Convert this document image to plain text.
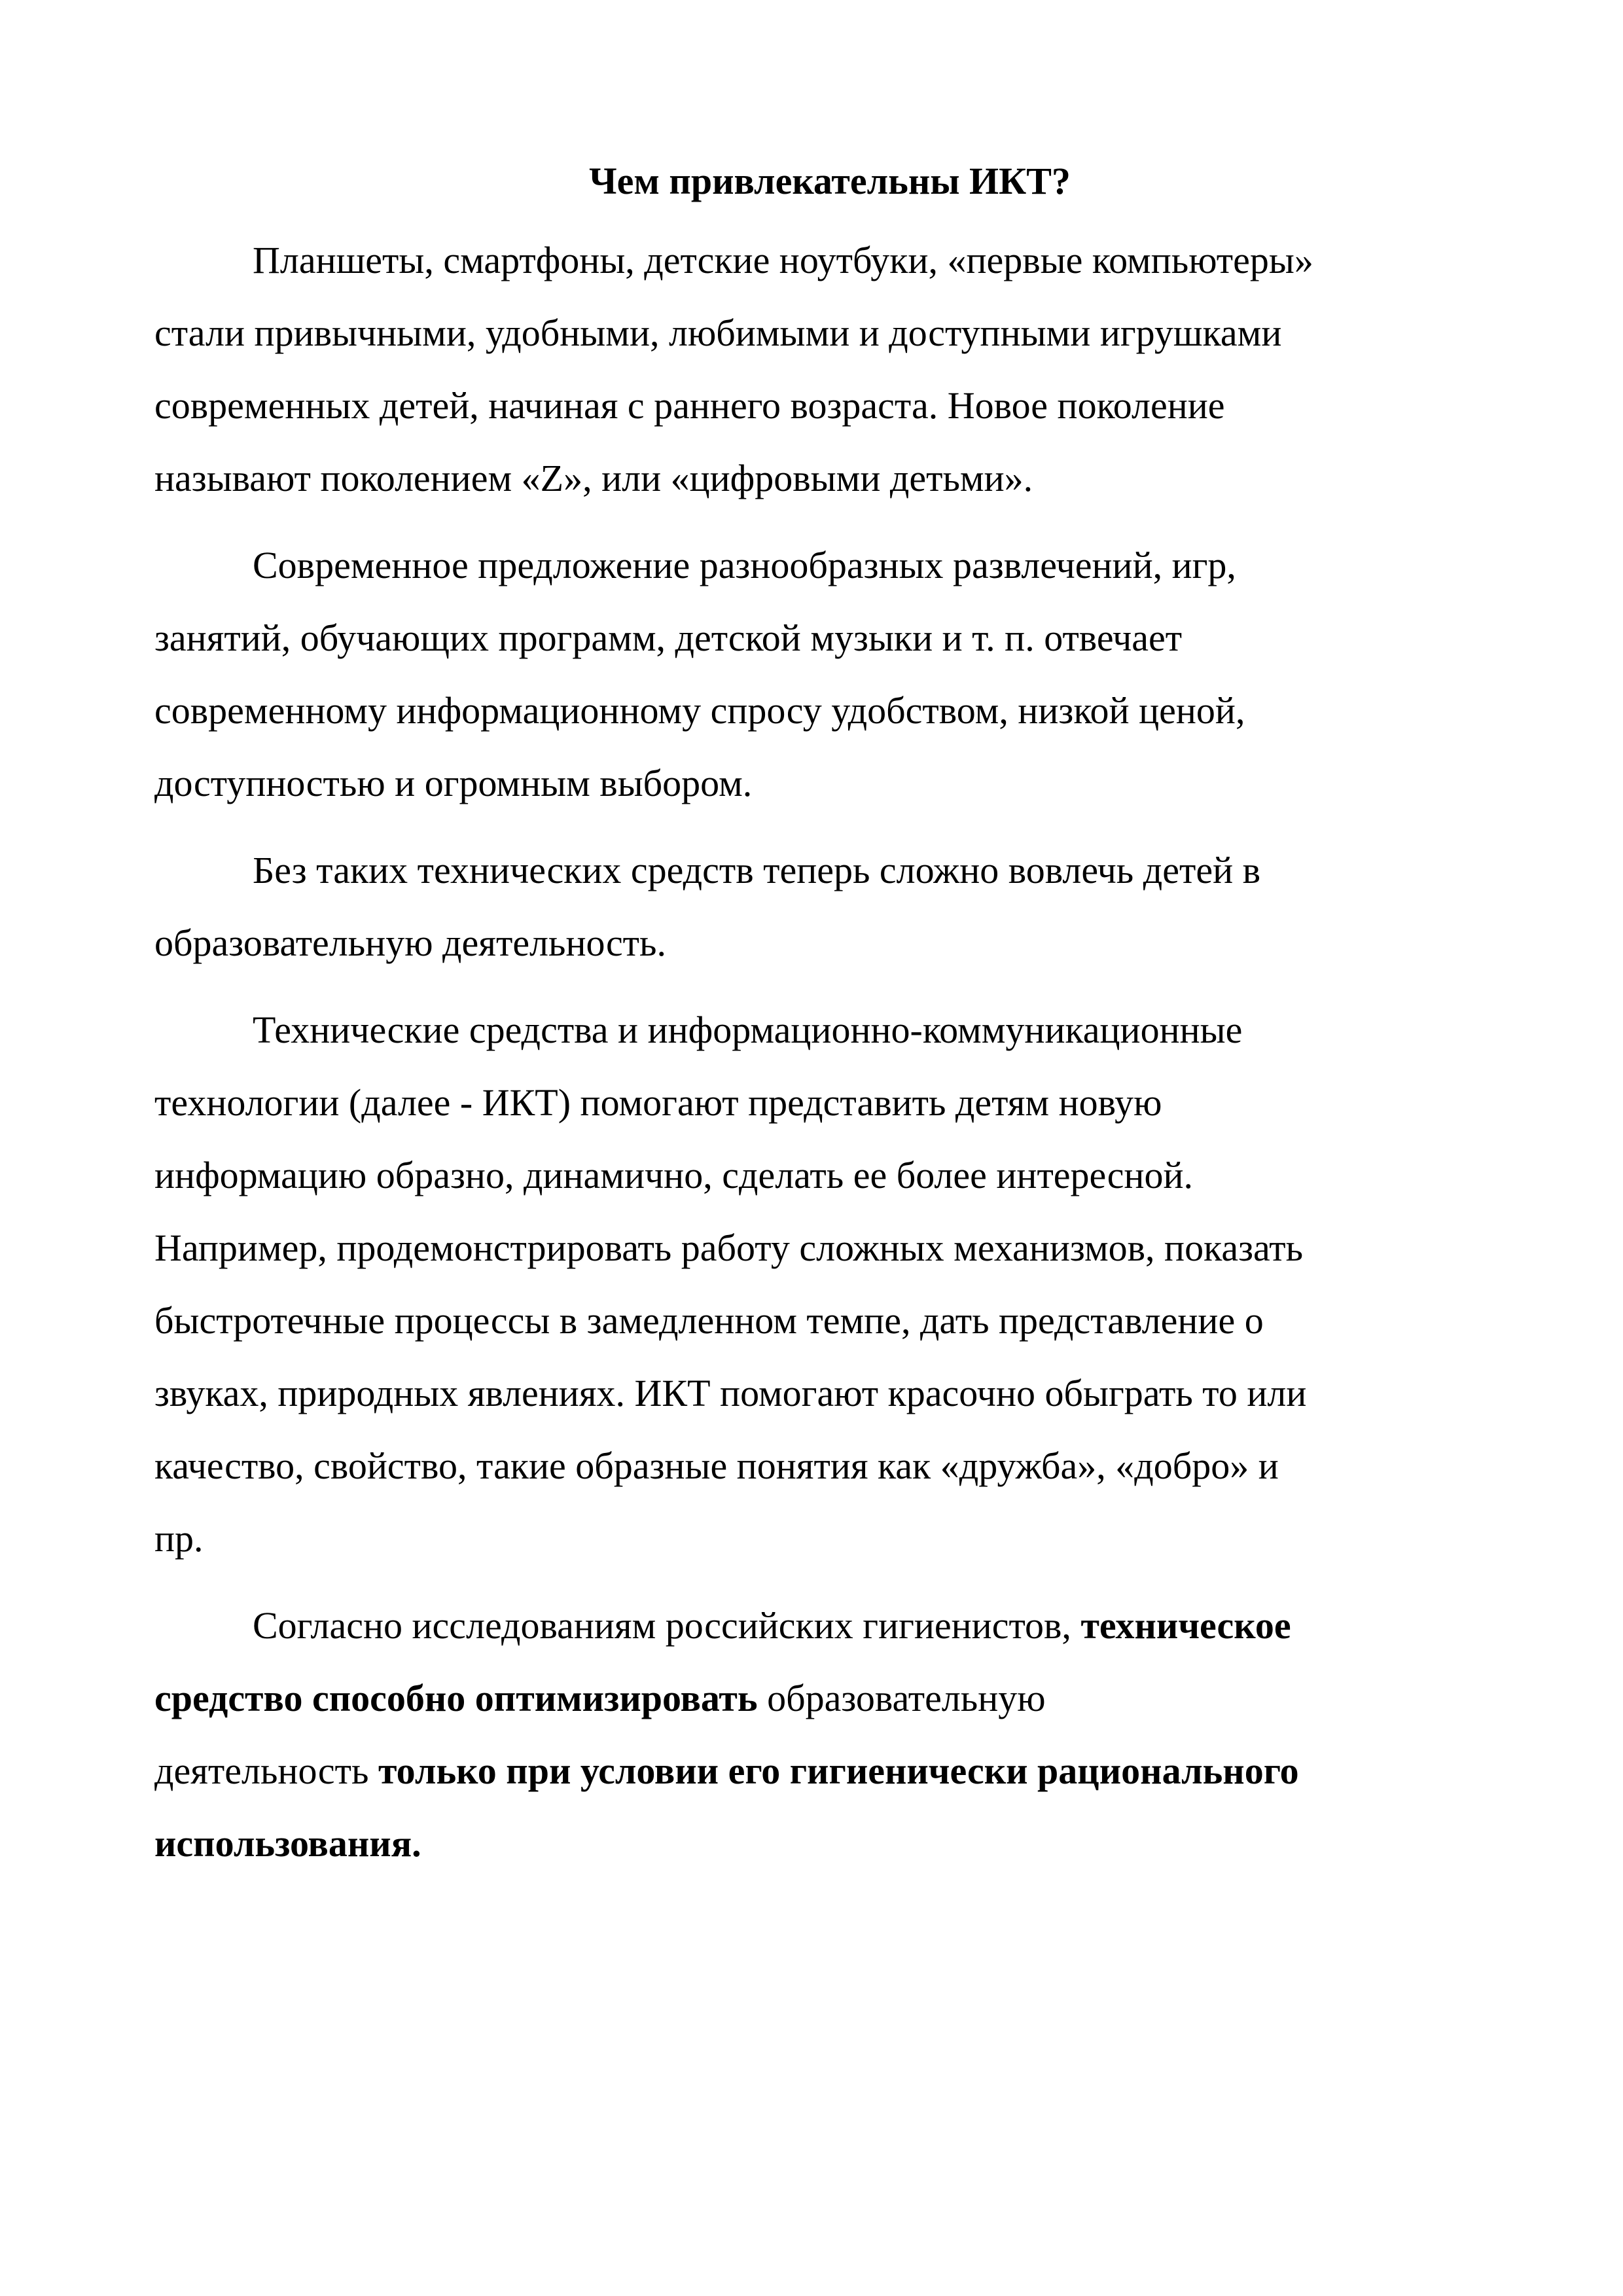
Чем привлекательны ИКТ?

Планшеты, смартфоны, детские ноутбуки, «первые компьютеры»
стали привычными, удобными, любимыми и доступными игрушками
современных детей, начиная с раннего возраста. Новое поколение
называют поколением «Z», или «цифровыми детьми».

Современное предложение разнообразных развлечений, игр,
занятий, обучающих программ, детской музыки и т. п. отвечает
современному информационному спросу удобством, низкой ценой,
доступностью и огромным выбором.

Без таких технических средств теперь сложно вовлечь детей в
образовательную деятельность.

Технические средства и информационно-коммуникационные
технологии (далее - ИКТ) помогают представить детям новую
информацию образно, динамично, сделать ее более интересной.
Например, продемонстрировать работу сложных механизмов, показать
быстротечные процессы в замедленном темпе, дать представление о
звуках, природных явлениях. ИКТ помогают красочно обыграть то или
качество, свойство, такие образные понятия как «дружба», «добро» и
пр.

Согласно исследованиям российских гигиенистов, техническое
средство способно оптимизировать образовательную
деятельность только при условии его гигиенически рационального
использования.
